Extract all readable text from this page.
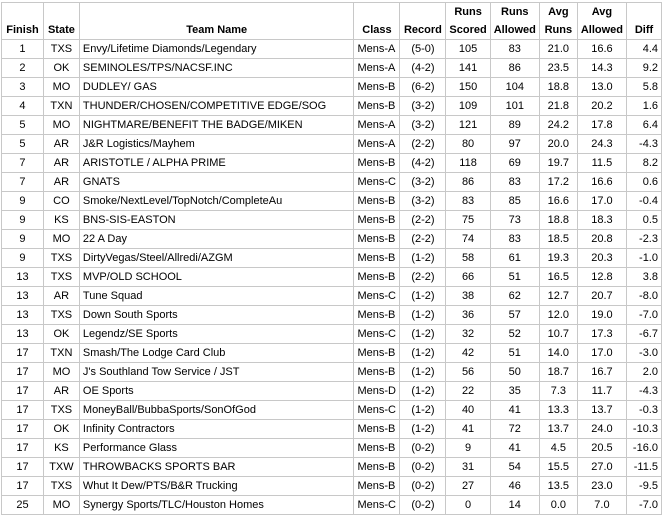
					Runs	Runs	Avg	Avg	
Finish	State	Team Name	Class	Record	Scored	Allowed	Runs	Allowed	Diff
1	TXS	Envy/Lifetime Diamonds/Legendary	Mens-A	(5-0)	105	83	21.0	16.6	4.4
2	OK	SEMINOLES/TPS/NACSF.INC	Mens-A	(4-2)	141	86	23.5	14.3	9.2
3	MO	DUDLEY/ GAS	Mens-B	(6-2)	150	104	18.8	13.0	5.8
4	TXN	THUNDER/CHOSEN/COMPETITIVE EDGE/SOG	Mens-B	(3-2)	109	101	21.8	20.2	1.6
5	MO	NIGHTMARE/BENEFIT THE BADGE/MIKEN	Mens-A	(3-2)	121	89	24.2	17.8	6.4
5	AR	J&R Logistics/Mayhem	Mens-A	(2-2)	80	97	20.0	24.3	-4.3
7	AR	ARISTOTLE / ALPHA PRIME	Mens-B	(4-2)	118	69	19.7	11.5	8.2
7	AR	GNATS	Mens-C	(3-2)	86	83	17.2	16.6	0.6
9	CO	Smoke/NextLevel/TopNotch/CompleteAu	Mens-B	(3-2)	83	85	16.6	17.0	-0.4
9	KS	BNS-SIS-EASTON	Mens-B	(2-2)	75	73	18.8	18.3	0.5
9	MO	22 A Day	Mens-B	(2-2)	74	83	18.5	20.8	-2.3
9	TXS	DirtyVegas/Steel/Allredi/AZGM	Mens-B	(1-2)	58	61	19.3	20.3	-1.0
13	TXS	MVP/OLD SCHOOL	Mens-B	(2-2)	66	51	16.5	12.8	3.8
13	AR	Tune Squad	Mens-C	(1-2)	38	62	12.7	20.7	-8.0
13	TXS	Down South Sports	Mens-B	(1-2)	36	57	12.0	19.0	-7.0
13	OK	Legendz/SE Sports	Mens-C	(1-2)	32	52	10.7	17.3	-6.7
17	TXN	Smash/The Lodge Card Club	Mens-B	(1-2)	42	51	14.0	17.0	-3.0
17	MO	J's Southland Tow Service / JST	Mens-B	(1-2)	56	50	18.7	16.7	2.0
17	AR	OE Sports	Mens-D	(1-2)	22	35	7.3	11.7	-4.3
17	TXS	MoneyBall/BubbaSports/SonOfGod	Mens-C	(1-2)	40	41	13.3	13.7	-0.3
17	OK	Infinity Contractors	Mens-B	(1-2)	41	72	13.7	24.0	-10.3
17	KS	Performance Glass	Mens-B	(0-2)	9	41	4.5	20.5	-16.0
17	TXW	THROWBACKS SPORTS BAR	Mens-B	(0-2)	31	54	15.5	27.0	-11.5
17	TXS	Whut It Dew/PTS/B&R Trucking	Mens-B	(0-2)	27	46	13.5	23.0	-9.5
25	MO	Synergy Sports/TLC/Houston Homes	Mens-C	(0-2)	0	14	0.0	7.0	-7.0
